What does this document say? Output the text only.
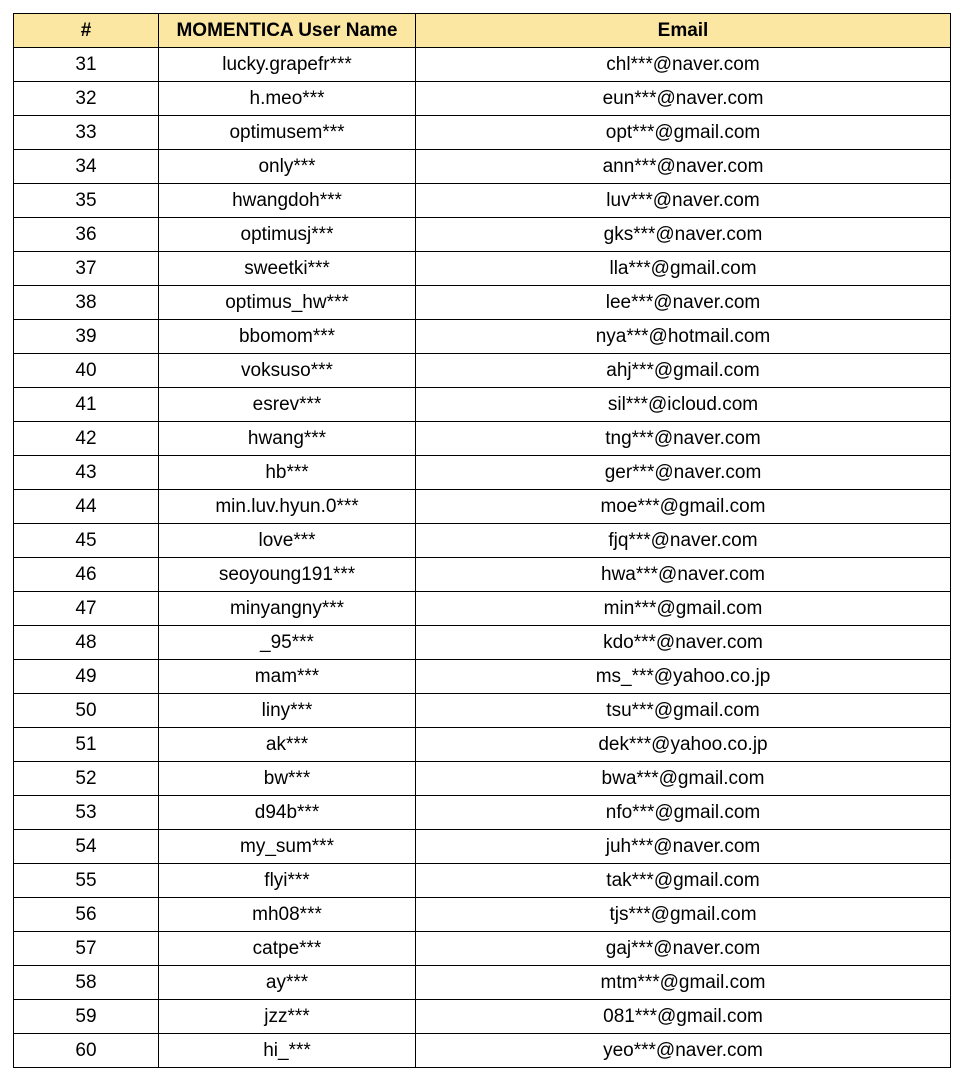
#	MOMENTICA User Name	Email
31	lucky.grapefr***	chl***@naver.com
32	h.meo***	eun***@naver.com
33	optimusem***	opt***@gmail.com
34	only***	ann***@naver.com
35	hwangdoh***	luv***@naver.com
36	optimusj***	gks***@naver.com
37	sweetki***	lla***@gmail.com
38	optimus_hw***	lee***@naver.com
39	bbomom***	nya***@hotmail.com
40	voksuso***	ahj***@gmail.com
41	esrev***	sil***@icloud.com
42	hwang***	tng***@naver.com
43	hb***	ger***@naver.com
44	min.luv.hyun.0***	moe***@gmail.com
45	love***	fjq***@naver.com
46	seoyoung191***	hwa***@naver.com
47	minyangny***	min***@gmail.com
48	_95***	kdo***@naver.com
49	mam***	ms_***@yahoo.co.jp
50	liny***	tsu***@gmail.com
51	ak***	dek***@yahoo.co.jp
52	bw***	bwa***@gmail.com
53	d94b***	nfo***@gmail.com
54	my_sum***	juh***@naver.com
55	flyi***	tak***@gmail.com
56	mh08***	tjs***@gmail.com
57	catpe***	gaj***@naver.com
58	ay***	mtm***@gmail.com
59	jzz***	081***@gmail.com
60	hi_***	yeo***@naver.com
